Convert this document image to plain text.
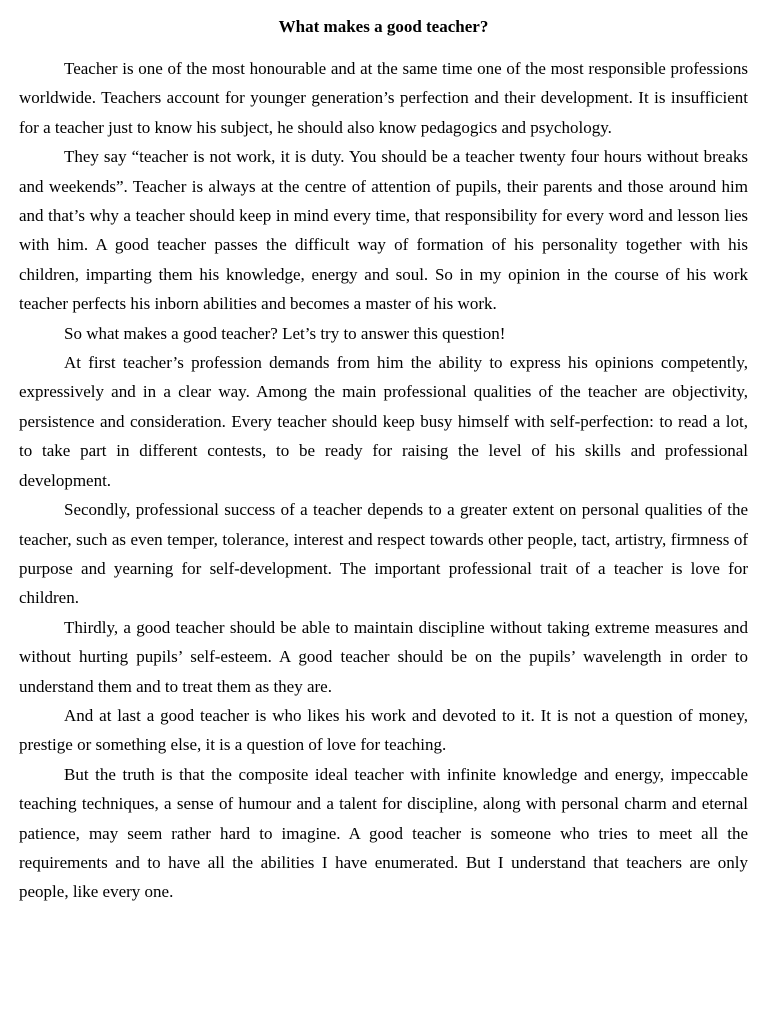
What makes a good teacher?

Teacher is one of the most honourable and at the same time one of the most responsible professions worldwide. Teachers account for younger generation’s perfection and their development. It is insufficient for a teacher just to know his subject, he should also know pedagogics and psychology.

They say “teacher is not work, it is duty. You should be a teacher twenty four hours without breaks and weekends”. Teacher is always at the centre of attention of pupils, their parents and those around him and that’s why a teacher should keep in mind every time, that responsibility for every word and lesson lies with him. A good teacher passes the difficult way of formation of his personality together with his children, imparting them his knowledge, energy and soul. So in my opinion in the course of his work teacher perfects his inborn abilities and becomes a master of his work.

So what makes a good teacher? Let’s try to answer this question!

At first teacher’s profession demands from him the ability to express his opinions competently, expressively and in a clear way. Among the main professional qualities of the teacher are objectivity, persistence and consideration. Every teacher should keep busy himself with self-perfection: to read a lot, to take part in different contests, to be ready for raising the level of his skills and professional development.

Secondly, professional success of a teacher depends to a greater extent on personal qualities of the teacher, such as even temper, tolerance, interest and respect towards other people, tact, artistry, firmness of purpose and yearning for self-development. The important professional trait of a teacher is love for children.

Thirdly, a good teacher should be able to maintain discipline without taking extreme measures and without hurting pupils’ self-esteem. A good teacher should be on the pupils’ wavelength in order to understand them and to treat them as they are.

And at last a good teacher is who likes his work and devoted to it. It is not a question of money, prestige or something else, it is a question of love for teaching.

But the truth is that the composite ideal teacher with infinite knowledge and energy, impeccable teaching techniques, a sense of humour and a talent for discipline, along with personal charm and eternal patience, may seem rather hard to imagine. A good teacher is someone who tries to meet all the requirements and to have all the abilities I have enumerated. But I understand that teachers are only people, like every one.
